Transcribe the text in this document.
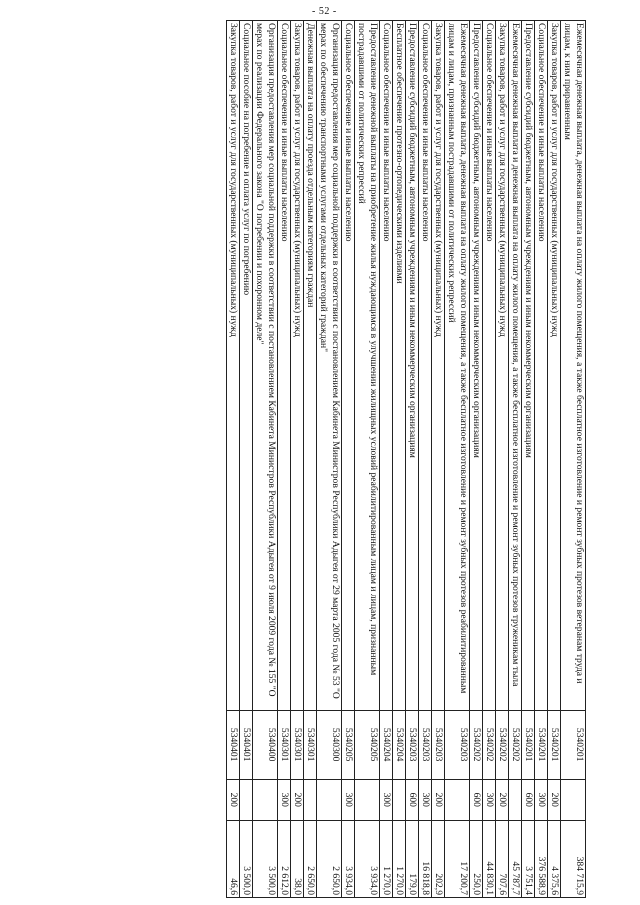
- 52 -
Ежемесячная денежная выплата, денежная выплата на оплату жилого помещения, а также бесплатное изготовление и ремонт зубных протезов ветеранам труда и лицам, к ним приравненным	5340201				384 715,9
Закупка товаров, работ и услуг для государственных (муниципальных) нужд	5340201	200			4 375,6
Социальное обеспечение и иные выплаты населению	5340201	300			376 588,9
Предоставление субсидий бюджетным, автономным учреждениям и иным некоммерческим организациям	5340201	600			3 751,4
Ежемесячная денежная выплата и денежная выплата на оплату жилого помещения, а также бесплатное изготовление и ремонт зубных протезов труженикам тыла	5340202				45 787,7
Закупка товаров, работ и услуг для государственных (муниципальных) нужд	5340202	200			707,6
Социальное обеспечение и иные выплаты населению	5340202	300			44 830,1
Предоставление субсидий бюджетным, автономным учреждениям и иным некоммерческим организациям	5340202	600			250,0
Ежемесячная денежная выплата, денежная выплата на оплату жилого помещения, а также бесплатное изготовление и ремонт зубных протезов реабилитированным лицам и лицам, признанным пострадавшими от политических репрессий	5340203				17 200,7
Закупка товаров, работ и услуг для государственных (муниципальных) нужд	5340203	200			202,9
Социальное обеспечение и иные выплаты населению	5340203	300			16 818,8
Предоставление субсидий бюджетным, автономным учреждениям и иным некоммерческим организациям	5340203	600			179,0
Бесплатное обеспечение протезно-ортопедическими изделиями	5340204				1 270,0
Социальное обеспечение и иные выплаты населению	5340204	300			1 270,0
Предоставление денежной выплаты на приобретение жилья нуждающимся в улучшении жилищных условий реабилитированным лицам и лицам, признанным пострадавшими от политических репрессий	5340205				3 934,0
Социальное обеспечение и иные выплаты населению	5340205	300			3 934,0
Организация предоставления мер социальной поддержки в соответствии с постановлением Кабинета Министров Республики Адыгея от 29 марта 2005 года № 53 "О мерах по обеспечению транспортными услугами отдельных категорий граждан"	5340300				2 650,0
Денежная выплата на оплату проезда отдельным категориям граждан	5340301				2 650,0
Закупка товаров, работ и услуг для государственных (муниципальных) нужд	5340301	200			38,0
Социальное обеспечение и иные выплаты населению	5340301	300			2 612,0
Организация предоставления мер социальной поддержки в соответствии с постановлением Кабинета Министров Республики Адыгея от 9 июля 2009 года № 155 "О мерах по реализации Федерального закона "О погребении и похоронном деле"	5340400				3 500,0
Социальное пособие на погребение и оплата услуг по погребению	5340401				3 500,0
Закупка товаров, работ и услуг для государственных (муниципальных) нужд	5340401	200			46,6
